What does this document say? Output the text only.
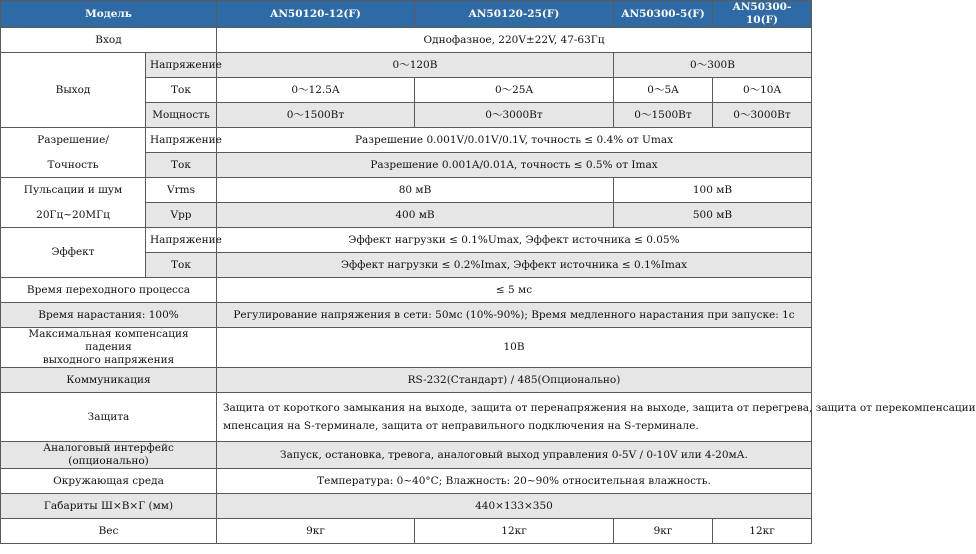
Модель		AN50120-12(F)	AN50120-25(F)	AN50300-5(F)	AN50300-10(F)
Вход		Однофазное, 220V±22V, 47-63Гц			
Выход	Напряжение	0～120В		0～300В	
	Ток	0～12.5A	0～25A	0～5A	0～10A
	Мощность	0～1500Вт	0～3000Вт	0～1500Вт	0～3000Вт

Разрешение/
Точность	Напряжение	Разрешение 0.001V/0.01V/0.1V, точность ≤ 0.4% от Umax			
	Ток	Разрешение 0.001A/0.01A, точность ≤ 0.5% от Imax			

Пульсации и шум
20Гц~20МГц	Vrms	80 мВ		100 мВ	
	Vpp	400 мВ		500 мВ	
Эффект	Напряжение	Эффект нагрузки ≤ 0.1%Umax, Эффект источника ≤ 0.05%			
	Ток	Эффект нагрузки ≤ 0.2%Imax, Эффект источника ≤ 0.1%Imax			
Время переходного процесса		≤ 5 мс			
Время нарастания: 100%		Регулирование напряжения в сети: 50мс (10%-90%); Время медленного нарастания при запуске: 1с			

Максимальная компенсация падения
выходного напряжения		10В			
Коммуникация		RS-232(Стандарт) / 485(Опционально)			
Защита		Защита от короткого замыкания на выходе, защита от перенапряжения на выходе, защита от перегрева, защита от перекомпенсации
мпенсация на S-терминале, защита от неправильного подключения на S-терминале.			

Аналоговый интерфейс (опционально)		Запуск, остановка, тревога, аналоговый выход управления 0-5V / 0-10V или 4-20мА.			
Окружающая среда		Температура: 0~40°C; Влажность: 20~90% относительная влажность.			
Габариты Ш×В×Г (мм)		440×133×350			
Вес		9кг	12кг	9кг	12кг
